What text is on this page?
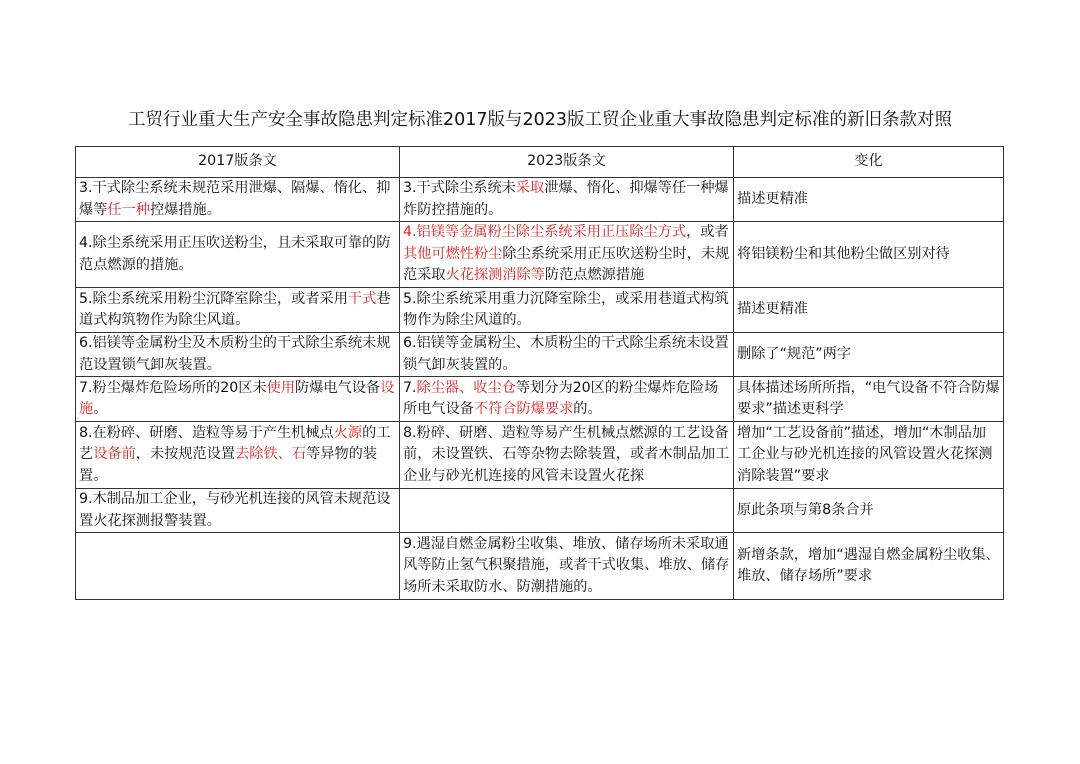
工贸行业重大生产安全事故隐患判定标准2017版与2023版工贸企业重大事故隐患判定标准的新旧条款对照
2017版条文	2023版条文	变化
3.干式除尘系统未规范采用泄爆、隔爆、惰化、抑爆等任一种控爆措施。	3.干式除尘系统未采取泄爆、惰化、抑爆等任一种爆炸防控措施的。	描述更精准
4.除尘系统采用正压吹送粉尘，且未采取可靠的防范点燃源的措施。	4.铝镁等金属粉尘除尘系统采用正压除尘方式，或者其他可燃性粉尘除尘系统采用正压吹送粉尘时，未规范采取火花探测消除等防范点燃源措施	将铝镁粉尘和其他粉尘做区别对待
5.除尘系统采用粉尘沉降室除尘，或者采用干式巷道式构筑物作为除尘风道。	5.除尘系统采用重力沉降室除尘，或采用巷道式构筑物作为除尘风道的。	描述更精准
6.铝镁等金属粉尘及木质粉尘的干式除尘系统未规范设置锁气卸灰装置。	6.铝镁等金属粉尘、木质粉尘的干式除尘系统未设置锁气卸灰装置的。	删除了“规范”两字
7.粉尘爆炸危险场所的20区未使用防爆电气设备设施。	7.除尘器、收尘仓等划分为20区的粉尘爆炸危险场所电气设备不符合防爆要求的。	具体描述场所所指，“电气设备不符合防爆要求”描述更科学
8.在粉碎、研磨、造粒等易于产生机械点火源的工艺设备前，未按规范设置去除铁、石等异物的装置。	8.粉碎、研磨、造粒等易产生机械点燃源的工艺设备前，未设置铁、石等杂物去除装置，或者木制品加工企业与砂光机连接的风管未设置火花探	增加“工艺设备前”描述，增加“木制品加工企业与砂光机连接的风管设置火花探测消除装置”要求
9.木制品加工企业，与砂光机连接的风管未规范设置火花探测报警装置。		原此条项与第8条合并
	9.遇湿自燃金属粉尘收集、堆放、储存场所未采取通风等防止氢气积聚措施，或者干式收集、堆放、储存场所未采取防水、防潮措施的。	新增条款，增加“遇湿自燃金属粉尘收集、堆放、储存场所”要求
